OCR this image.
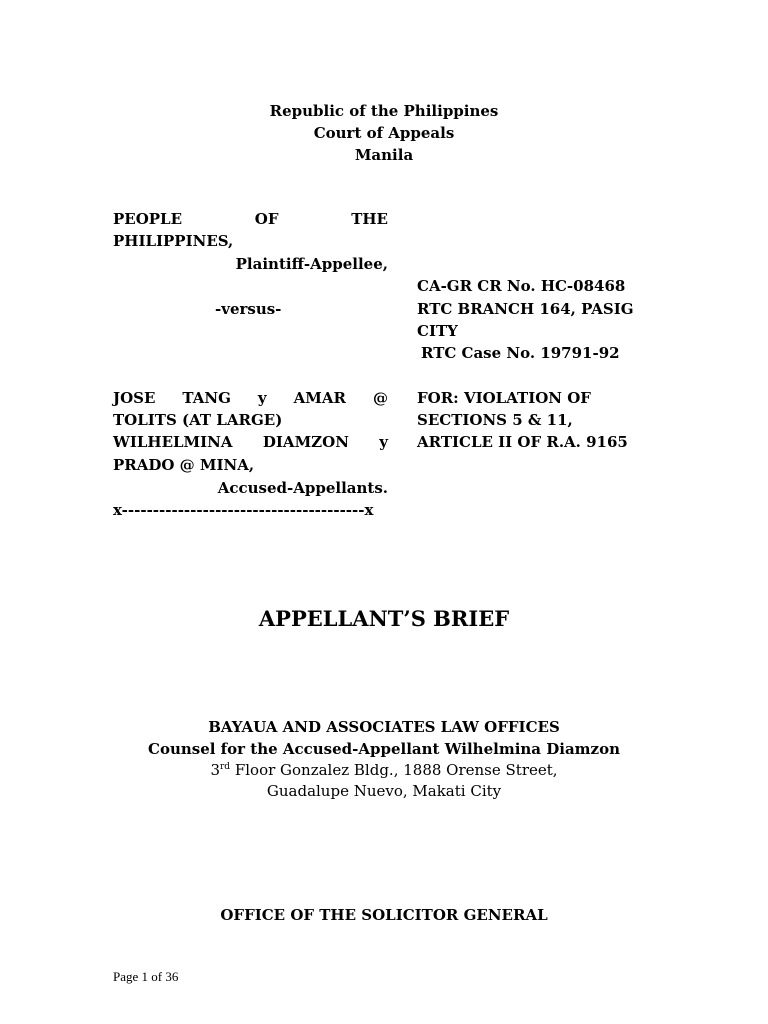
Republic of the Philippines
Court of Appeals
Manila
PEOPLE	OF	THE
PHILIPPINES,
Plaintiff-Appellee,
-versus-
JOSE TANG y AMAR @
TOLITS (AT LARGE)
WILHELMINA DIAMZON y
PRADO @ MINA,
Accused-Appellants.
x---------------------------------------x
CA-GR CR No. HC-08468
RTC BRANCH 164, PASIG
CITY
RTC Case No. 19791-92
FOR: VIOLATION OF
SECTIONS 5 & 11,
ARTICLE II OF R.A. 9165
APPELLANT’S BRIEF
BAYAUA AND ASSOCIATES LAW OFFICES
Counsel for the Accused-Appellant Wilhelmina Diamzon
3rd Floor Gonzalez Bldg., 1888 Orense Street,
Guadalupe Nuevo, Makati City
OFFICE OF THE SOLICITOR GENERAL
Page 1 of 36
